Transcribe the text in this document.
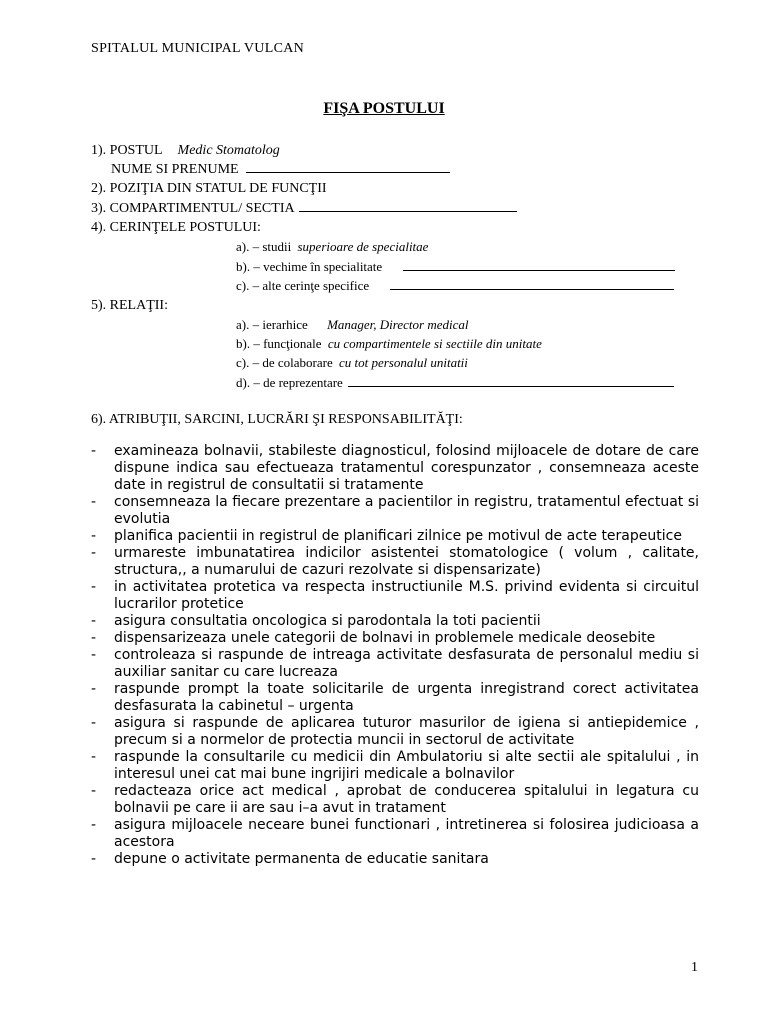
SPITALUL MUNICIPAL VULCAN
FIŞA POSTULUI
1). POSTUL Medic Stomatolog
NUME SI PRENUME
2). POZIŢIA DIN STATUL DE FUNCŢII
3). COMPARTIMENTUL/ SECTIA
4). CERINŢELE POSTULUI:
a). – studii superioare de specialitae
b). – vechime în specialitate
c). – alte cerinţe specifice
5). RELAŢII:
a). – ierarhice Manager, Director medical
b). – funcţionale cu compartimentele si sectiile din unitate
c). – de colaborare cu tot personalul unitatii
d). – de reprezentare
6). ATRIBUŢII, SARCINI, LUCRĂRI ŞI RESPONSABILITĂŢI:
- examineaza bolnavii, stabileste diagnosticul, folosind mijloacele de dotare de care dispune indica sau efectueaza tratamentul corespunzator , consemneaza aceste date in registrul de consultatii si tratamente
- consemneaza la fiecare prezentare a pacientilor in registru, tratamentul efectuat si evolutia
- planifica pacientii in registrul de planificari zilnice pe motivul de acte terapeutice
- urmareste imbunatatirea indicilor asistentei stomatologice ( volum , calitate, structura,, a numarului de cazuri rezolvate si dispensarizate)
- in activitatea protetica va respecta instructiunile M.S. privind evidenta si circuitul lucrarilor protetice
- asigura consultatia oncologica si parodontala la toti pacientii
- dispensarizeaza unele categorii de bolnavi in problemele medicale deosebite
- controleaza si raspunde de intreaga activitate desfasurata de personalul mediu si auxiliar sanitar cu care lucreaza
- raspunde prompt la toate solicitarile de urgenta inregistrand corect activitatea desfasurata la cabinetul – urgenta
- asigura si raspunde de aplicarea tuturor masurilor de igiena si antiepidemice , precum si a normelor de protectia muncii in sectorul de activitate
- raspunde la consultarile cu medicii din Ambulatoriu si alte sectii ale spitalului , in interesul unei cat mai bune ingrijiri medicale a bolnavilor
- redacteaza orice act medical , aprobat de conducerea spitalului in legatura cu bolnavii pe care ii are sau i–a avut in tratament
- asigura mijloacele neceare bunei functionari , intretinerea si folosirea judicioasa a acestora
- depune o activitate permanenta de educatie sanitara
1
